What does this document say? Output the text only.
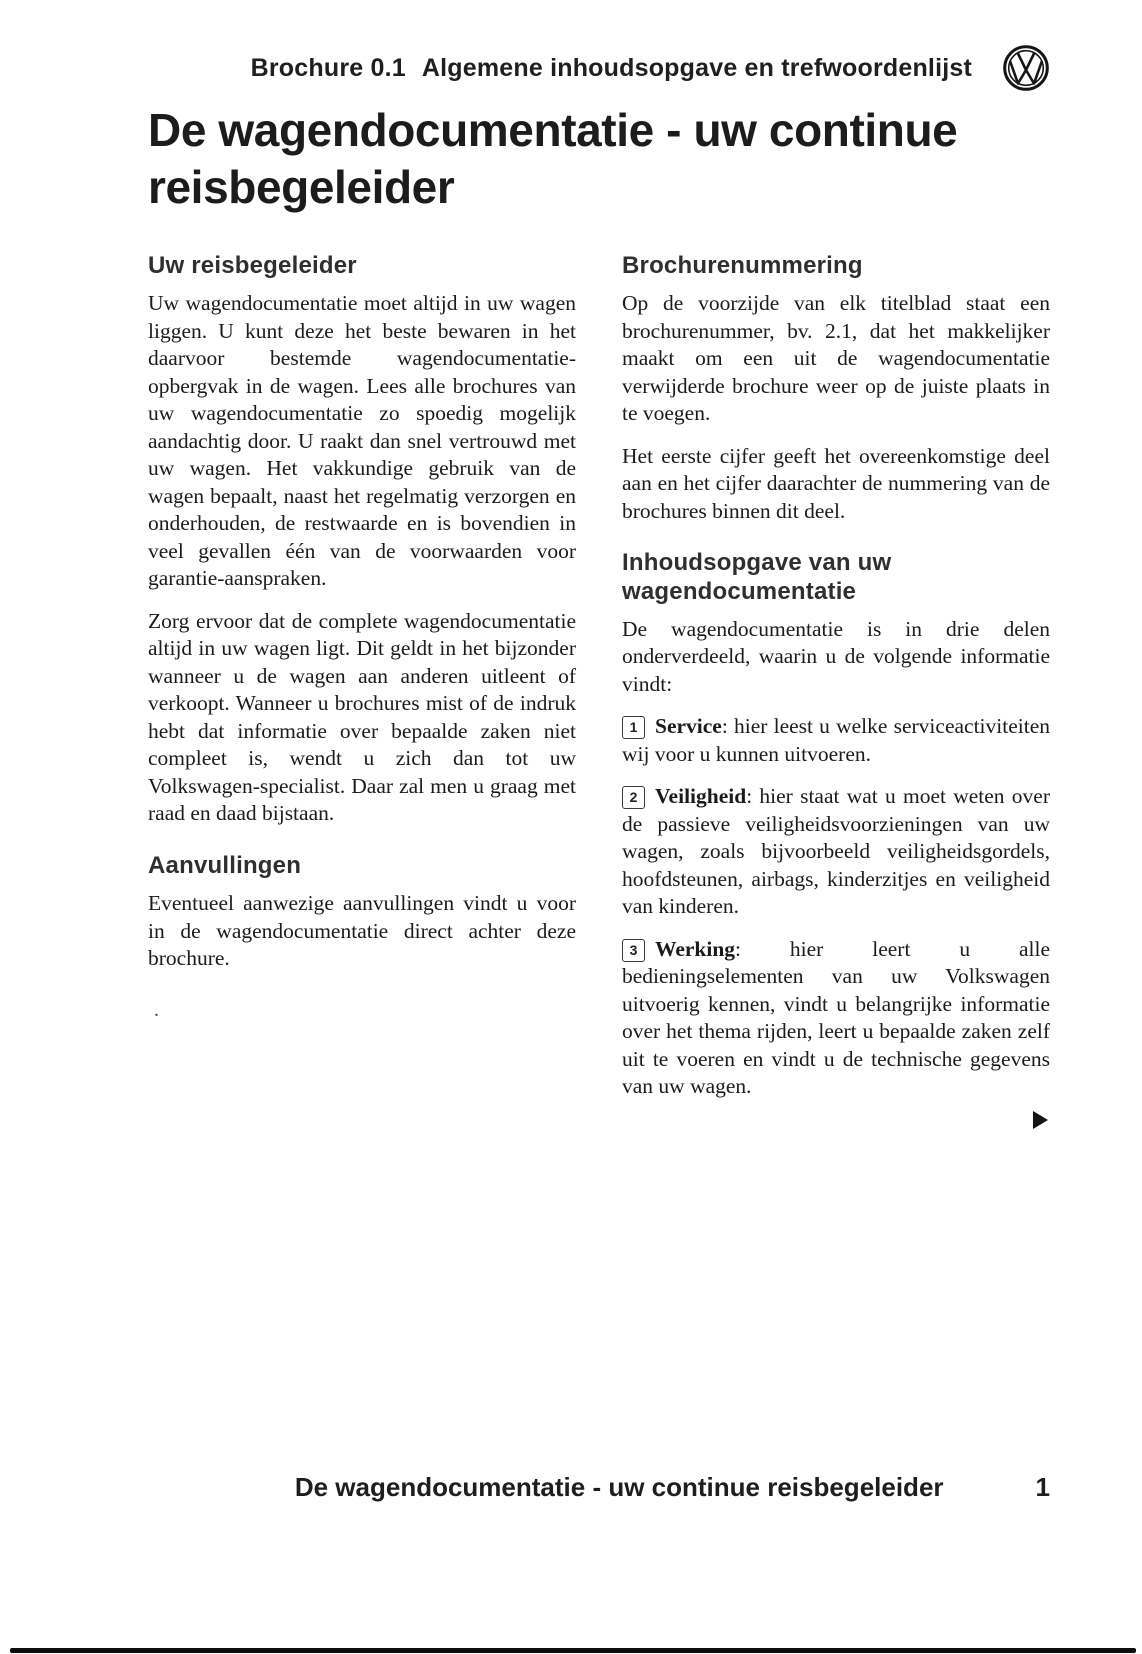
Brochure 0.1 Algemene inhoudsopgave en trefwoordenlijst
De wagendocumentatie - uw continue reisbegeleider
Uw reisbegeleider

Uw wagendocumentatie moet altijd in uw wagen liggen. U kunt deze het beste bewaren in het daarvoor bestemde wagendocumentatie-opbergvak in de wagen. Lees alle brochures van uw wagendocumentatie zo spoedig mogelijk aandachtig door. U raakt dan snel vertrouwd met uw wagen. Het vakkundige gebruik van de wagen bepaalt, naast het regelmatig verzorgen en onderhouden, de restwaarde en is bovendien in veel gevallen één van de voorwaarden voor garantie-aanspraken.

Zorg ervoor dat de complete wagendocumentatie altijd in uw wagen ligt. Dit geldt in het bijzonder wanneer u de wagen aan anderen uitleent of verkoopt. Wanneer u brochures mist of de indruk hebt dat informatie over bepaalde zaken niet compleet is, wendt u zich dan tot uw Volkswagen-specialist. Daar zal men u graag met raad en daad bijstaan.

Aanvullingen

Eventueel aanwezige aanvullingen vindt u voor in de wagendocumentatie direct achter deze brochure.

.
Brochurenummering

Op de voorzijde van elk titelblad staat een brochurenummer, bv. 2.1, dat het makkelijker maakt om een uit de wagendocumentatie verwijderde brochure weer op de juiste plaats in te voegen.

Het eerste cijfer geeft het overeenkomstige deel aan en het cijfer daarachter de nummering van de brochures binnen dit deel.

Inhoudsopgave van uw wagendocumentatie

De wagendocumentatie is in drie delen onderverdeeld, waarin u de volgende informatie vindt:

1 Service: hier leest u welke serviceactiviteiten wij voor u kunnen uitvoeren.
2 Veiligheid: hier staat wat u moet weten over de passieve veiligheidsvoorzieningen van uw wagen, zoals bijvoorbeeld veiligheidsgordels, hoofdsteunen, airbags, kinderzitjes en veiligheid van kinderen.
3 Werking: hier leert u alle bedieningselementen van uw Volkswagen uitvoerig kennen, vindt u belangrijke informatie over het thema rijden, leert u bepaalde zaken zelf uit te voeren en vindt u de technische gegevens van uw wagen.
De wagendocumentatie - uw continue reisbegeleider	1
